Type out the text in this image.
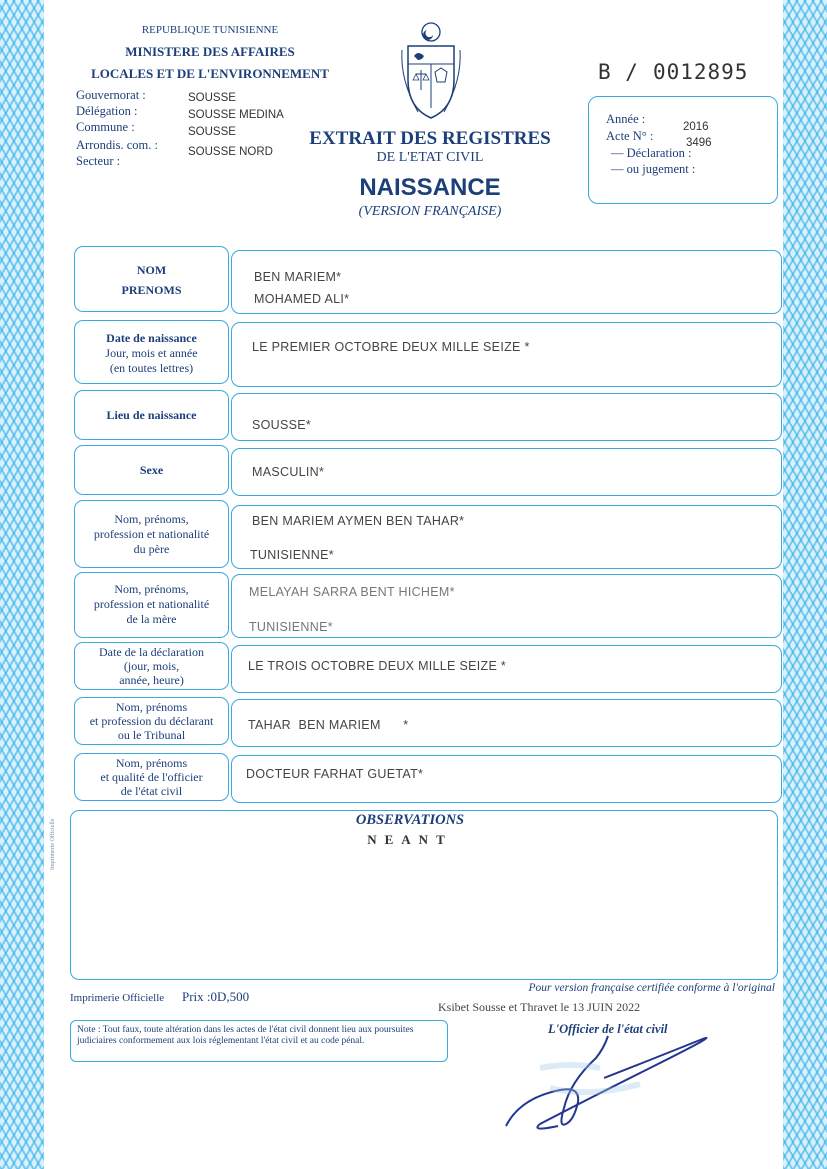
REPUBLIQUE TUNISIENNE
MINISTERE DES AFFAIRES
LOCALES ET DE L'ENVIRONNEMENT
Gouvernorat :	SOUSSE
Délégation :	SOUSSE MEDINA
Commune :	SOUSSE
Arrondis. com. :	SOUSSE NORD
Secteur :
EXTRAIT DES REGISTRES
DE L'ETAT CIVIL
NAISSANCE
(VERSION FRANÇAISE)
B / 0012895
Année :
2016
Acte N° :	3496
— Déclaration :
— ou jugement :
NOM
PRENOMS
BEN MARIEM*
MOHAMED ALI*
Date de naissance
Jour, mois et année
(en toutes lettres)
LE PREMIER OCTOBRE DEUX MILLE SEIZE *
Lieu de naissance
SOUSSE*
Sexe	MASCULIN*
Nom, prénoms,
profession et nationalité
du père
BEN MARIEM AYMEN BEN TAHAR*
TUNISIENNE*
Nom, prénoms,
profession et nationalité
de la mère
MELAYAH SARRA BENT HICHEM*
TUNISIENNE*
Date de la déclaration
(jour, mois,
année, heure)
LE TROIS OCTOBRE DEUX MILLE SEIZE *
Nom, prénoms
et profession du déclarant
ou le Tribunal
TAHAR  BEN MARIEM      *
Nom, prénoms
et qualité de l'officier
de l'état civil
DOCTEUR FARHAT GUETAT*
OBSERVATIONS
NEANT
Imprimerie Officielle
Imprimerie Officielle Prix :0D,500
Pour version française certifiée conforme à l'original
Ksibet Sousse et Thravet le 13 JUIN 2022
L'Officier de l'état civil
Note : Tout faux, toute altération dans les actes de l'état civil donnent lieu aux poursuites judiciaires conformement aux lois réglementant l'état civil et au code pénal.
